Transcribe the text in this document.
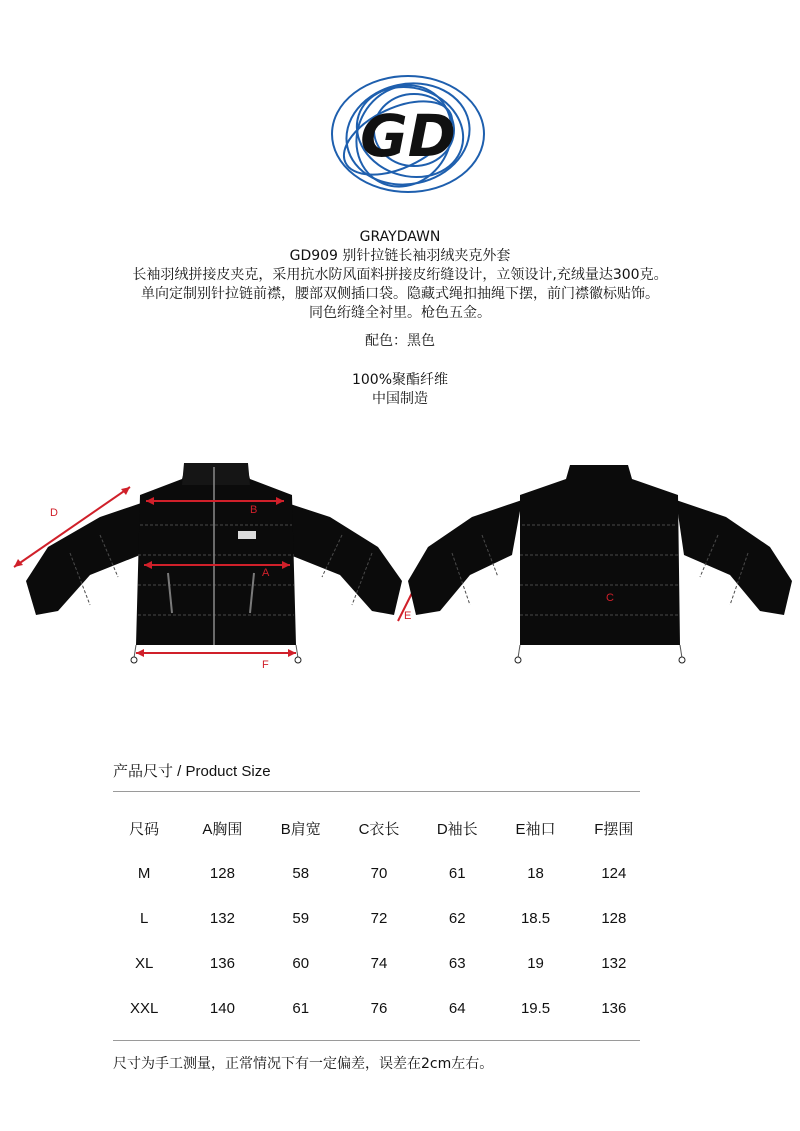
GD
GRAYDAWN
GD909 别针拉链长袖羽绒夹克外套
长袖羽绒拼接皮夹克，采用抗水防风面料拼接皮绗缝设计，立领设计,充绒量达300克。
单向定制别针拉链前襟，腰部双侧插口袋。隐藏式绳扣抽绳下摆，前门襟徽标贴饰。
同色绗缝全衬里。枪色五金。
配色：黑色
100%聚酯纤维
中国制造
B
A
D
E
F
C
产品尺寸 / Product Size
尺码	A胸围	B肩宽	C衣长	D袖长	E袖口	F摆围
M	128	58	70	61	18	124
L	132	59	72	62	18.5	128
XL	136	60	74	63	19	132
XXL	140	61	76	64	19.5	136
尺寸为手工测量，正常情况下有一定偏差，误差在2cm左右。
